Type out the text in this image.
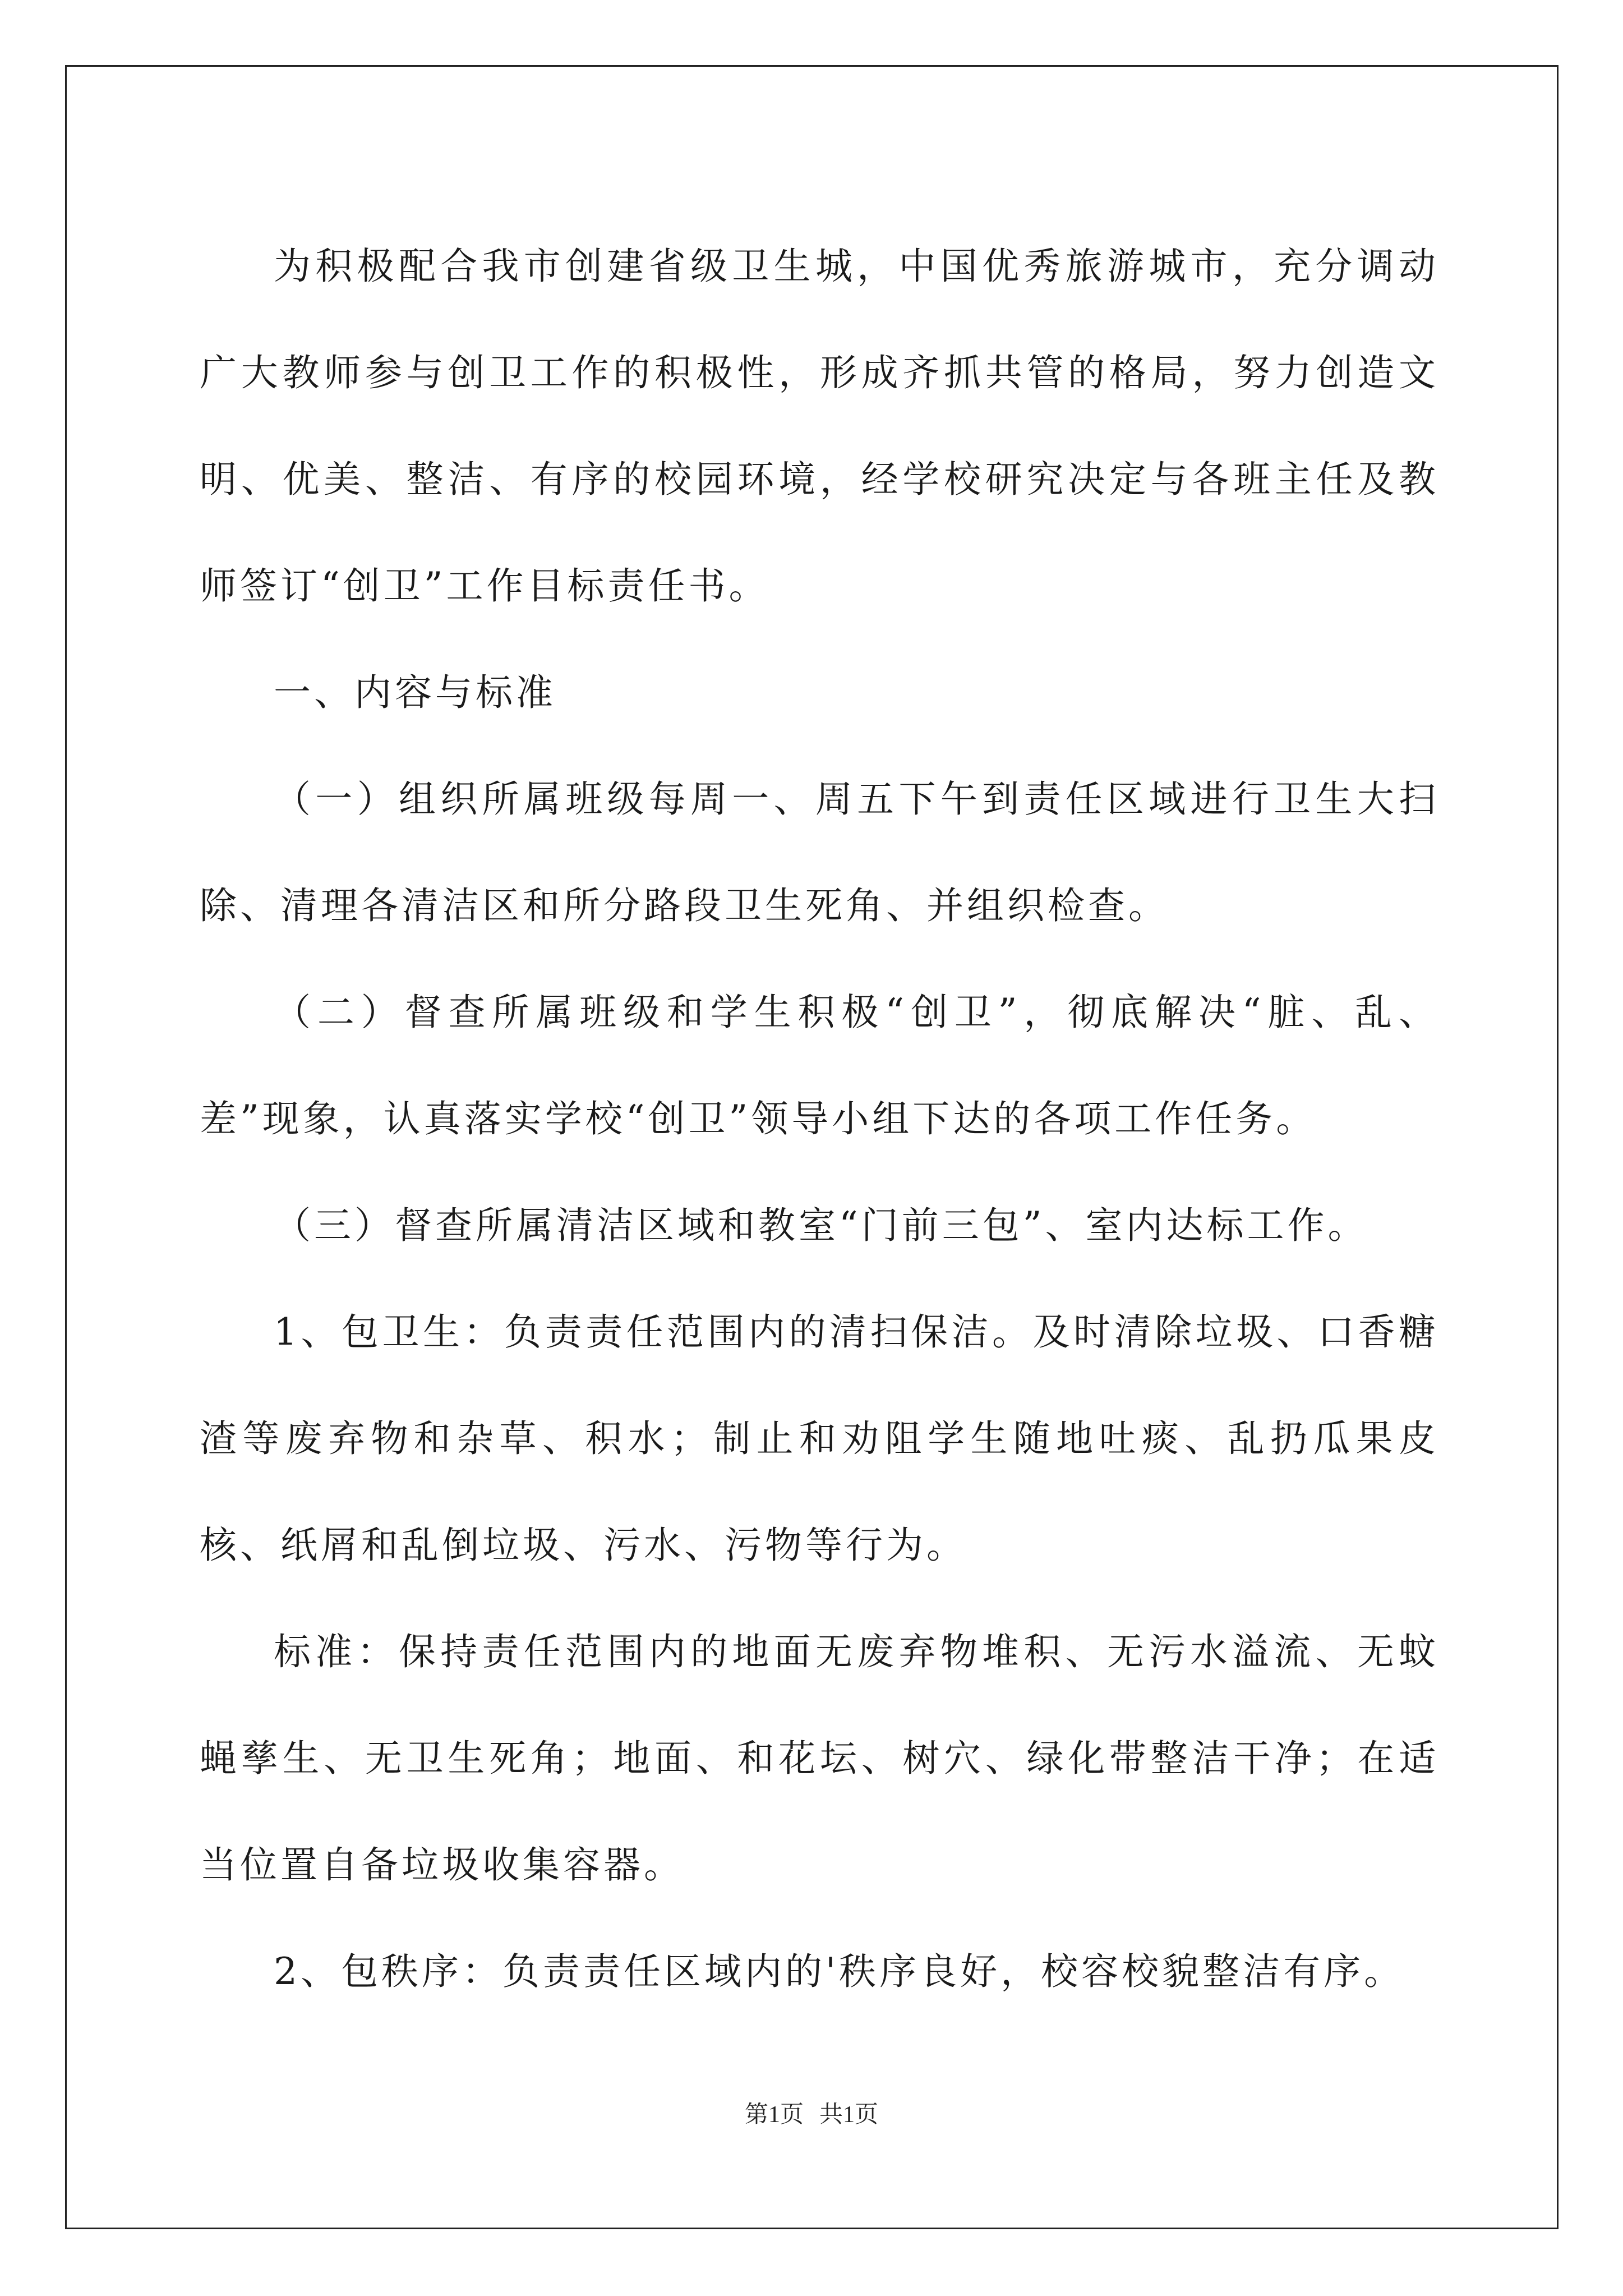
为积极配合我市创建省级卫生城，中国优秀旅游城市，充分调动广大教师参与创卫工作的积极性，形成齐抓共管的格局，努力创造文明、优美、整洁、有序的校园环境，经学校研究决定与各班主任及教师签订“创卫”工作目标责任书。

一、内容与标准

（一）组织所属班级每周一、周五下午到责任区域进行卫生大扫除、清理各清洁区和所分路段卫生死角、并组织检查。

（二）督查所属班级和学生积极“创卫”，彻底解决“脏、乱、差”现象，认真落实学校“创卫”领导小组下达的各项工作任务。

（三）督查所属清洁区域和教室“门前三包”、室内达标工作。

1、包卫生：负责责任范围内的清扫保洁。及时清除垃圾、口香糖渣等废弃物和杂草、积水；制止和劝阻学生随地吐痰、乱扔瓜果皮核、纸屑和乱倒垃圾、污水、污物等行为。

标准：保持责任范围内的地面无废弃物堆积、无污水溢流、无蚊蝇孳生、无卫生死角；地面、和花坛、树穴、绿化带整洁干净；在适当位置自备垃圾收集容器。

2、包秩序：负责责任区域内的'秩序良好，校容校貌整洁有序。

第1页 共1页
